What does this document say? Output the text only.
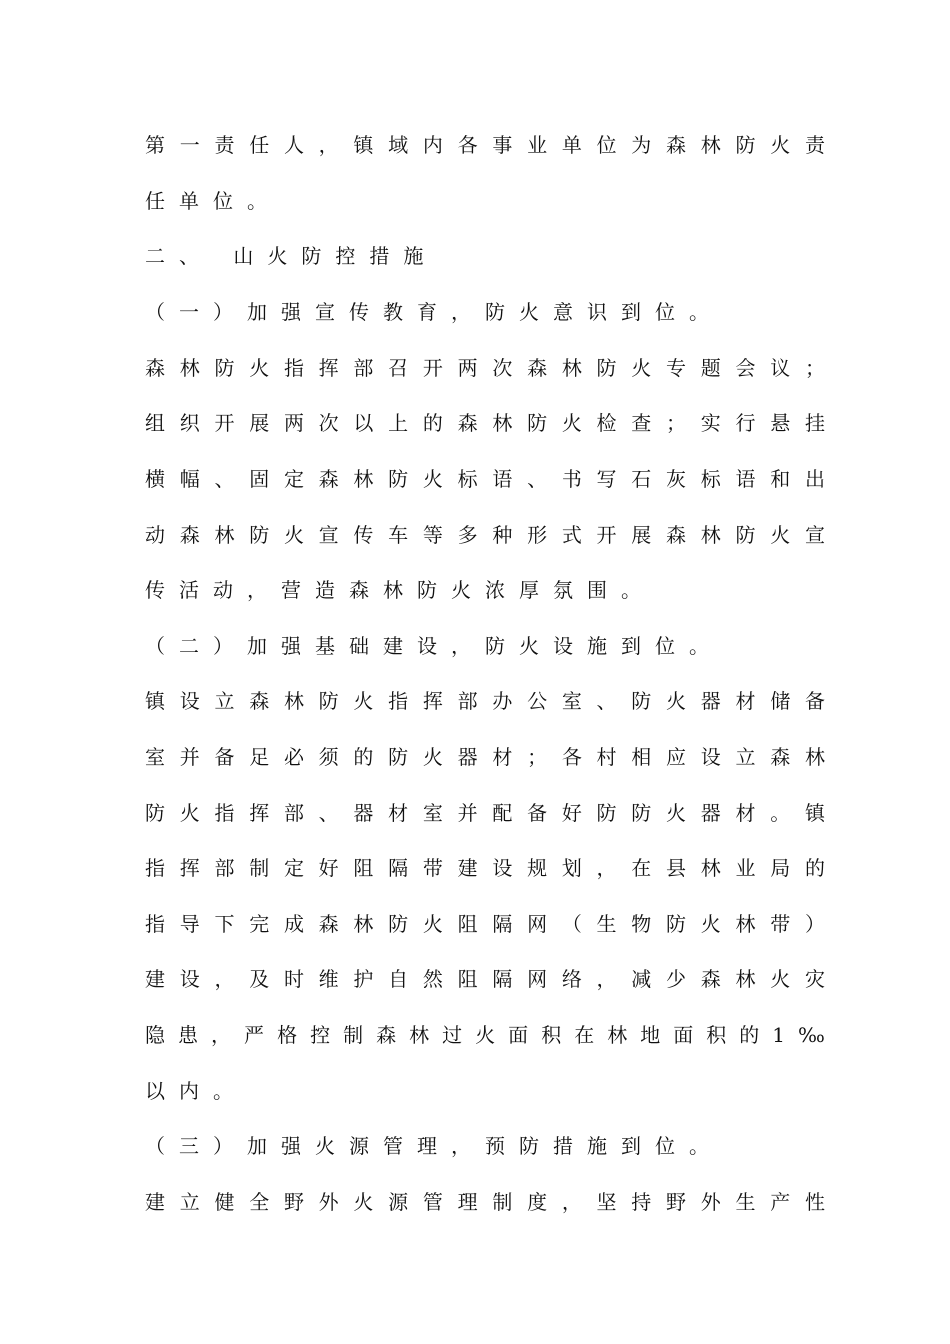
第 一 责 任 人 ， 镇 域 内 各 事 业 单 位 为 森 林 防 火 责
任单位。
二、 山火防控措施
（一）加强宣传教育，防火意识到位。
森 林 防 火 指 挥 部 召 开 两 次 森 林 防 火 专 题 会 议 ；
组 织 开 展 两 次 以 上 的 森 林 防 火 检 查 ； 实 行 悬 挂
横 幅 、 固 定 森 林 防 火 标 语 、 书 写 石 灰 标 语 和 出
动 森 林 防 火 宣 传 车 等 多 种 形 式 开 展 森 林 防 火 宣
传活动，营造森林防火浓厚氛围。
（二）加强基础建设，防火设施到位。
镇 设 立 森 林 防 火 指 挥 部 办 公 室 、 防 火 器 材 储 备
室 并 备 足 必 须 的 防 火 器 材 ； 各 村 相 应 设 立 森 林
防 火 指 挥 部 、 器 材 室 并 配 备 好 防 防 火 器 材 。 镇
指 挥 部 制 定 好 阻 隔 带 建 设 规 划 ， 在 县 林 业 局 的
指 导 下 完 成 森 林 防 火 阻 隔 网 （ 生 物 防 火 林 带 ）
建 设 ， 及 时 维 护 自 然 阻 隔 网 络 ， 减 少 森 林 火 灾
隐 患 ， 严 格 控 制 森 林 过 火 面 积 在 林 地 面 积 的 1 ‰
以内。
（三）加强火源管理，预防措施到位。
建 立 健 全 野 外 火 源 管 理 制 度 ， 坚 持 野 外 生 产 性
